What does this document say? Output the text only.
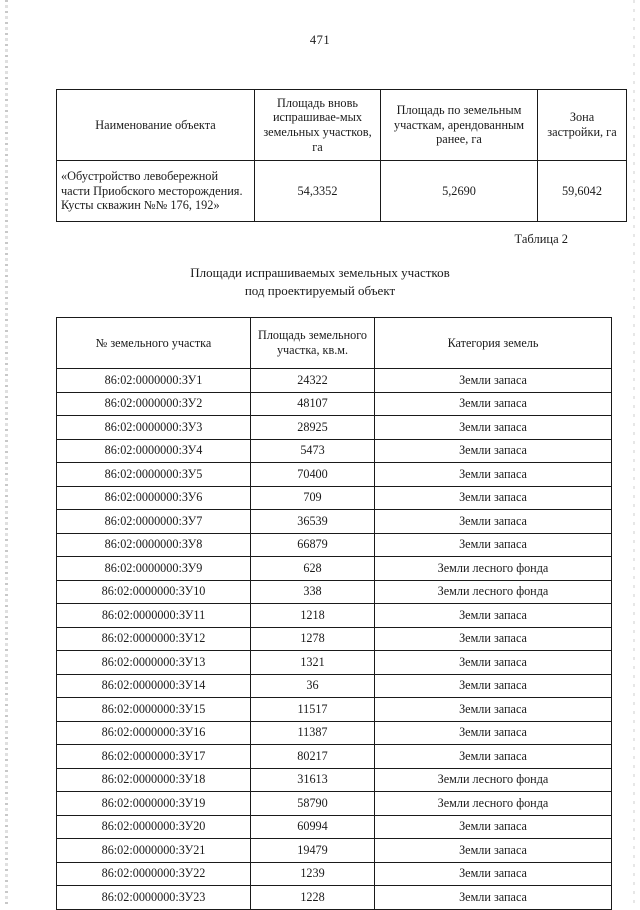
471
Наименование объекта	Площадь вновь испрашивае-мых земельных участков, га	Площадь по земельным участкам, арендованным ранее, га	Зона застройки, га
«Обустройство левобережной части Приобского месторождения. Кусты скважин №№ 176, 192»	54,3352	5,2690	59,6042
Таблица 2
Площади испрашиваемых земельных участков
под проектируемый объект
№ земельного участка	Площадь земельного участка, кв.м.	Категория земель
86:02:0000000:ЗУ1	24322	Земли запаса
86:02:0000000:ЗУ2	48107	Земли запаса
86:02:0000000:ЗУ3	28925	Земли запаса
86:02:0000000:ЗУ4	5473	Земли запаса
86:02:0000000:ЗУ5	70400	Земли запаса
86:02:0000000:ЗУ6	709	Земли запаса
86:02:0000000:ЗУ7	36539	Земли запаса
86:02:0000000:ЗУ8	66879	Земли запаса
86:02:0000000:ЗУ9	628	Земли лесного фонда
86:02:0000000:ЗУ10	338	Земли лесного фонда
86:02:0000000:ЗУ11	1218	Земли запаса
86:02:0000000:ЗУ12	1278	Земли запаса
86:02:0000000:ЗУ13	1321	Земли запаса
86:02:0000000:ЗУ14	36	Земли запаса
86:02:0000000:ЗУ15	11517	Земли запаса
86:02:0000000:ЗУ16	11387	Земли запаса
86:02:0000000:ЗУ17	80217	Земли запаса
86:02:0000000:ЗУ18	31613	Земли лесного фонда
86:02:0000000:ЗУ19	58790	Земли лесного фонда
86:02:0000000:ЗУ20	60994	Земли запаса
86:02:0000000:ЗУ21	19479	Земли запаса
86:02:0000000:ЗУ22	1239	Земли запаса
86:02:0000000:ЗУ23	1228	Земли запаса
